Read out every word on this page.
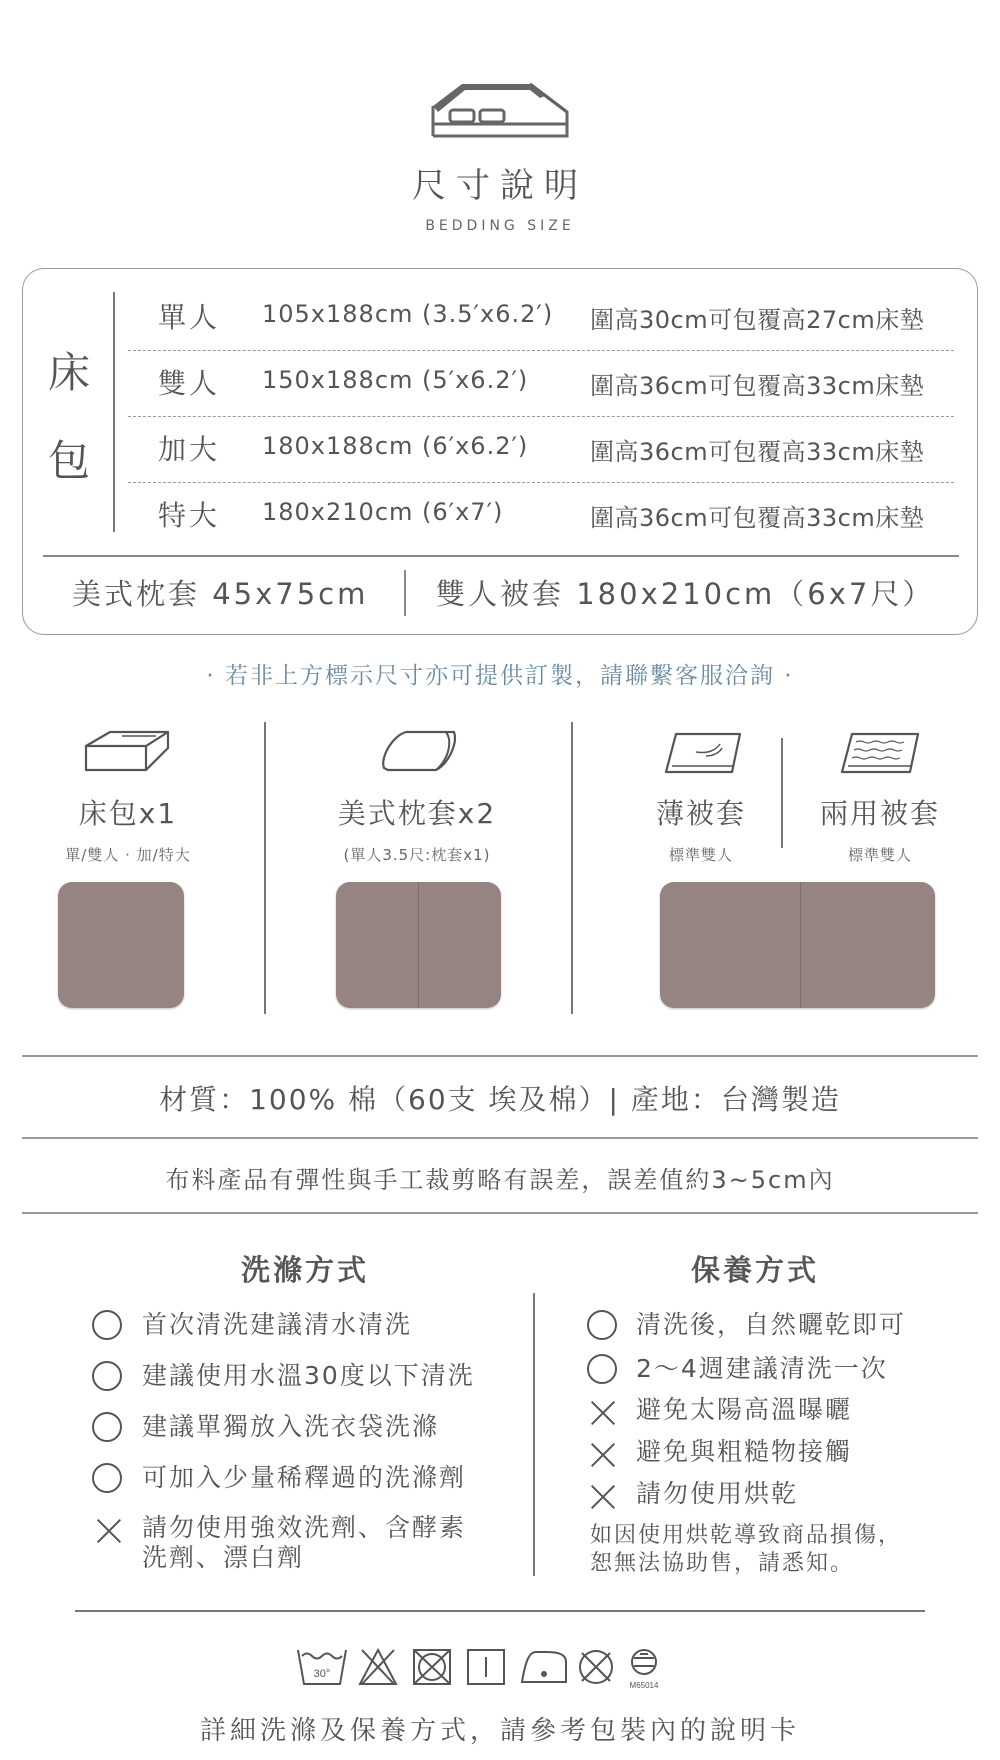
尺寸說明
BEDDING SIZE
床
包
單人 105x188cm (3.5′x6.2′) 圍高30cm可包覆高27cm床墊
雙人 150x188cm (5′x6.2′)	圍高36cm可包覆高33cm床墊
加大 180x188cm (6′x6.2′)	圍高36cm可包覆高33cm床墊
特大 180x210cm (6′x7′)	圍高36cm可包覆高33cm床墊
美式枕套 45x75cm 雙人被套 180x210cm（6x7尺）
· 若非上方標示尺寸亦可提供訂製，請聯繫客服洽詢 ·
床包x1
單/雙人 · 加/特大
美式枕套x2
(單人3.5尺:枕套x1)
薄被套
標準雙人
兩用被套
標準雙人
材質：100% 棉（60支 埃及棉）| 產地：台灣製造
布料產品有彈性與手工裁剪略有誤差，誤差值約3~5cm內
洗滌方式	保養方式
首次清洗建議清水清洗
建議使用水溫30度以下清洗
建議單獨放入洗衣袋洗滌
可加入少量稀釋過的洗滌劑
請勿使用強效洗劑、含酵素
洗劑、漂白劑
清洗後，自然曬乾即可
2～4週建議清洗一次
避免太陽高溫曝曬
避免與粗糙物接觸
請勿使用烘乾
如因使用烘乾導致商品損傷，
恕無法協助售，請悉知。
30°
M65014
詳細洗滌及保養方式，請參考包裝內的說明卡
